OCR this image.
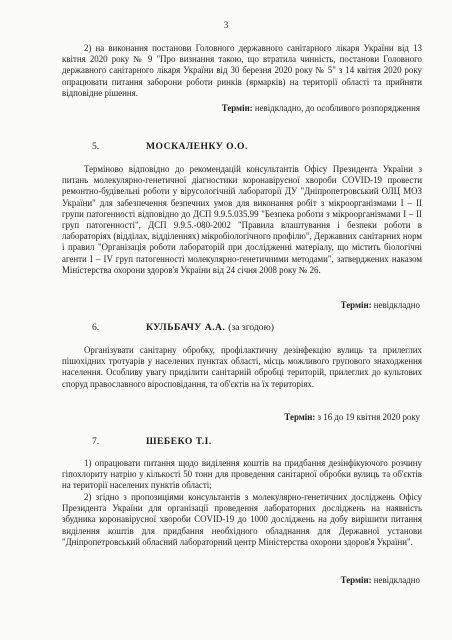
3

2) на виконання постанови Головного державного санітарного лікаря України від 13 квітня 2020 року № 9 "Про визнання такою, що втратила чинність, постанови Головного державного санітарного лікаря України від 30 березня 2020 року № 5" з 14 квітня 2020 року опрацювати питання заборони роботи ринків (ярмарків) на території області та прийняти відповідне рішення.

Термін: невідкладно, до особливого розпорядження
5.	МОСКАЛЕНКУ О.О.

Терміново відповідно до рекомендацій консультантів Офісу Президента України з питань молекулярно-генетичної діагностики коронавірусної хвороби COVID-19 провести ремонтно-будівельні роботи у вірусологічній лабораторії ДУ "Дніпропетровський ОЛЦ МОЗ України" для забезпечення безпечних умов для виконання робіт з мікроорганізмами I – II групи патогенності відповідно до ДСП 9.9.5.035.99 "Безпека роботи з мікроорганізмами I – II груп патогенності", ДСП 9.9.5.-080-2002 "Правила влаштування і безпеки роботи в лабораторіях (відділах, відділеннях) мікробіологічного профілю", Державних санітарних норм і правил "Організація роботи лабораторій при дослідженні матеріалу, що містить біологічні агенти I – IV груп патогенності молекулярно-генетичними методами", затверджених наказом Міністерства охорони здоров'я України від 24 січня 2008 року № 26.

Термін: невідкладно
6.	КУЛЬБАЧУ А.А. (за згодою)

Організувати санітарну обробку, профілактичну дезінфекцію вулиць та прилеглих пішохідних тротуарів у населених пунктах області, місць можливого групового знаходження населення. Особливу увагу приділити санітарній обробці територій, прилеглих до культових споруд православного віросповідання, та об'єктів на їх територіях.

Термін: з 16 до 19 квітня 2020 року
7.	ШЕБЕКО Т.І.

1) опрацювати питання щодо виділення коштів на придбання дезінфікуючого розчину гіпохлориту натрію у кількості 50 тонн для проведення санітарної обробки вулиць та об'єктів на території населених пунктів області;

2) згідно з пропозиціями консультантів з молекулярно-генетичних досліджень Офісу Президента України для організації проведення лабораторних досліджень на наявність збудника коронавірусної хвороби COVID-19 до 1000 досліджень на добу вирішити питання виділення коштів для придбання необхідного обладнання для Державної установи "Дніпропетровський обласний лабораторний центр Міністерства охорони здоров'я України".

Термін: невідкладно
